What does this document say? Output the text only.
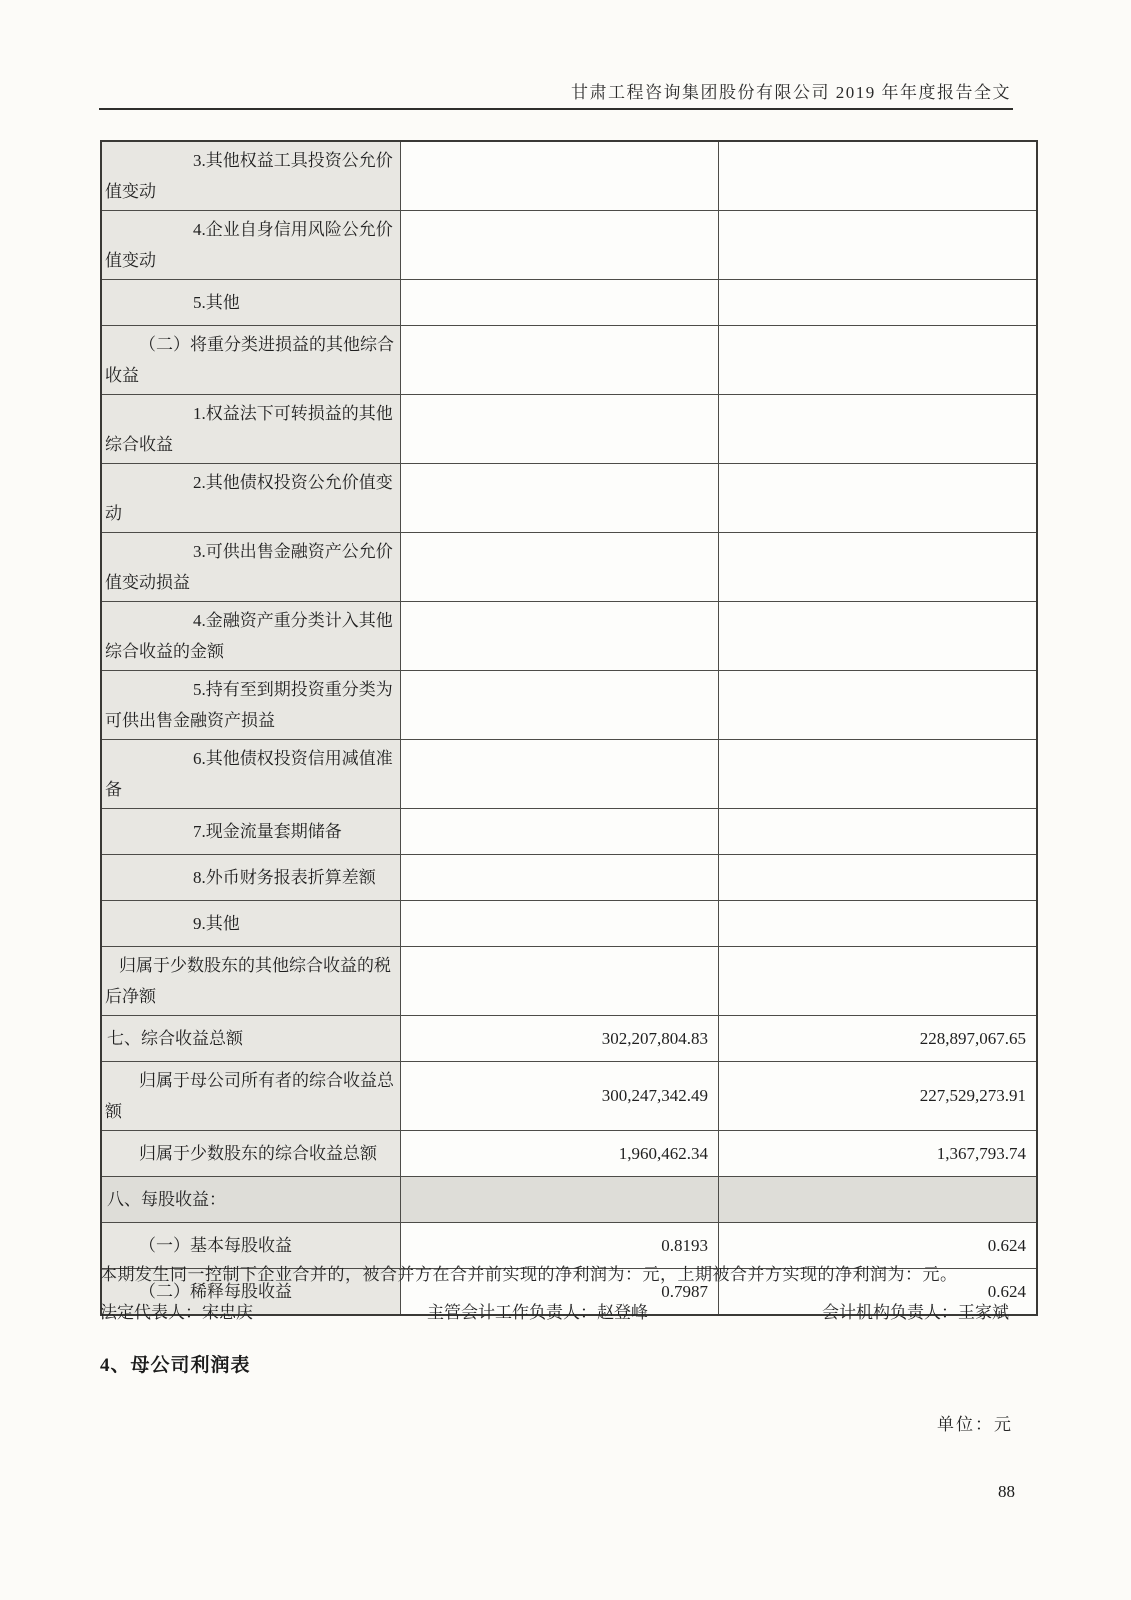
甘肃工程咨询集团股份有限公司 2019 年年度报告全文

3.其他权益工具投资公允价值变动		

4.企业自身信用风险公允价值变动		

5.其他		

（二）将重分类进损益的其他综合收益		

1.权益法下可转损益的其他综合收益		

2.其他债权投资公允价值变动		

3.可供出售金融资产公允价值变动损益		

4.金融资产重分类计入其他综合收益的金额		

5.持有至到期投资重分类为可供出售金融资产损益		

6.其他债权投资信用减值准备		

7.现金流量套期储备		

8.外币财务报表折算差额		

9.其他		

归属于少数股东的其他综合收益的税后净额		

七、综合收益总额	302,207,804.83	228,897,067.65

归属于母公司所有者的综合收益总额	300,247,342.49	227,529,273.91

归属于少数股东的综合收益总额	1,960,462.34	1,367,793.74

八、每股收益：		

（一）基本每股收益	0.8193	0.624

（二）稀释每股收益	0.7987	0.624

本期发生同一控制下企业合并的，被合并方在合并前实现的净利润为：元，上期被合并方实现的净利润为：元。

法定代表人：宋忠庆	主管会计工作负责人：赵登峰	会计机构负责人：王家斌
4、母公司利润表
单位：元
88
